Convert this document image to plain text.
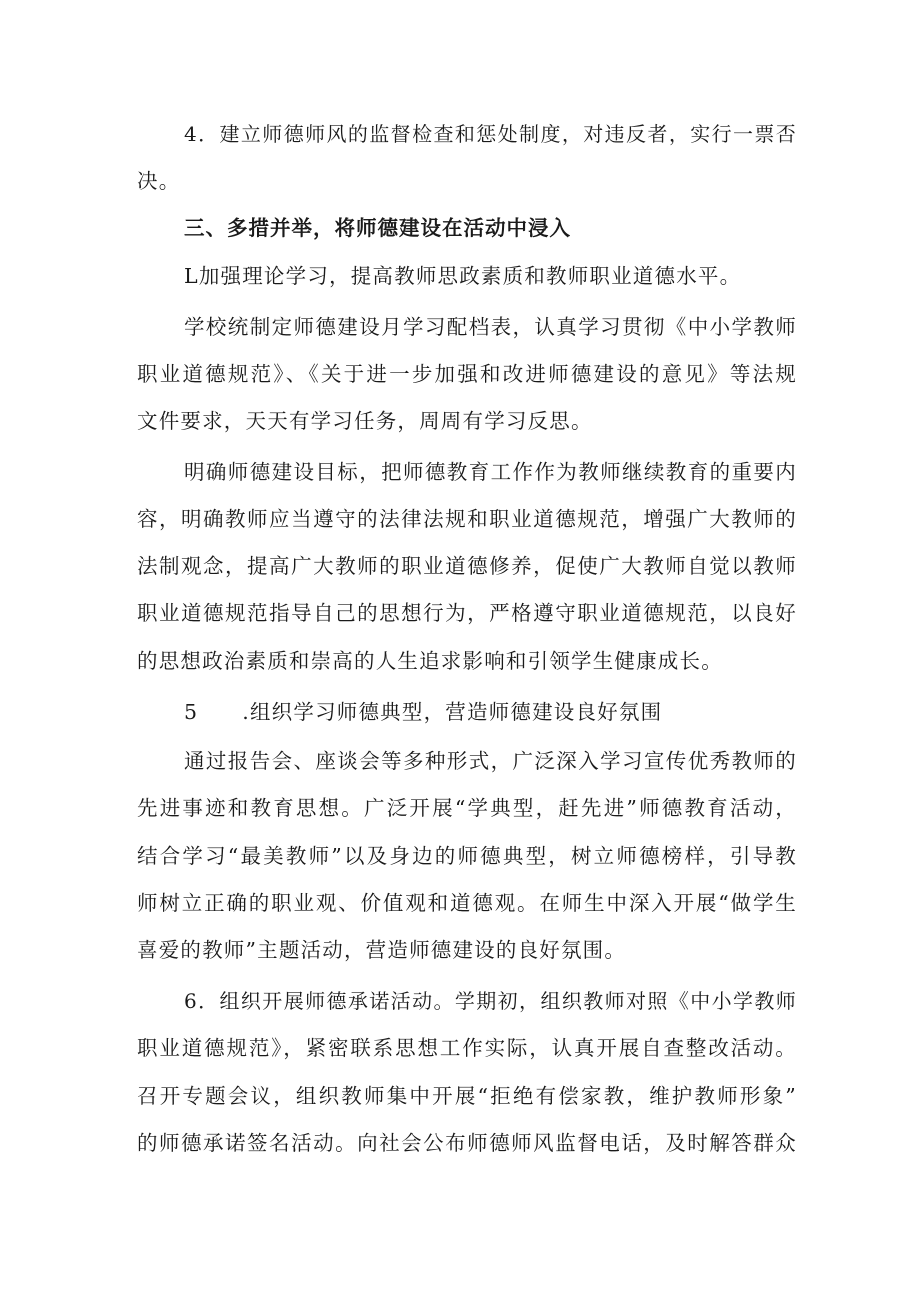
4．建立师德师风的监督检查和惩处制度，对违反者，实行一票否
决。
三、多措并举，将师德建设在活动中浸入
L加强理论学习，提高教师思政素质和教师职业道德水平。
学校统制定师德建设月学习配档表，认真学习贯彻《中小学教师
职业道德规范》、《关于进一步加强和改进师德建设的意见》等法规
文件要求，天天有学习任务，周周有学习反思。
明确师德建设目标，把师德教育工作作为教师继续教育的重要内
容，明确教师应当遵守的法律法规和职业道德规范，增强广大教师的
法制观念，提高广大教师的职业道德修养，促使广大教师自觉以教师
职业道德规范指导自己的思想行为，严格遵守职业道德规范，以良好
的思想政治素质和崇高的人生追求影响和引领学生健康成长。
5 .组织学习师德典型，营造师德建设良好氛围
通过报告会、座谈会等多种形式，广泛深入学习宣传优秀教师的
先进事迹和教育思想。广泛开展“学典型，赶先进”师德教育活动，
结合学习“最美教师”以及身边的师德典型，树立师德榜样，引导教
师树立正确的职业观、价值观和道德观。在师生中深入开展“做学生
喜爱的教师”主题活动，营造师德建设的良好氛围。
6．组织开展师德承诺活动。学期初，组织教师对照《中小学教师
职业道德规范》，紧密联系思想工作实际，认真开展自查整改活动。
召开专题会议，组织教师集中开展“拒绝有偿家教，维护教师形象”
的师德承诺签名活动。向社会公布师德师风监督电话，及时解答群众
